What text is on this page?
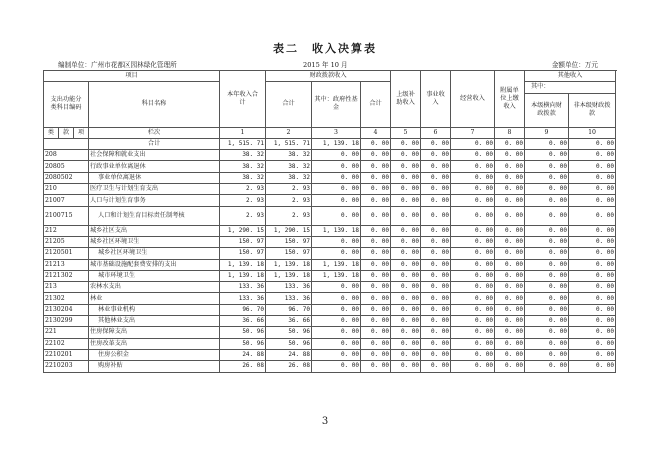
表二　收入决算表
编制单位：广州市花都区园林绿化管理所	2015 年 10 月	金额单位：万元
项目				本年收入合计	财政拨款收入			上级补助收入	事业收入	经营收入	附属单位上缴收入	其他收入	
支出功能分类科目编码			科目名称		合计	其中：政府性基金	合计					其中：	
												本级横向财政拨款	非本级财政拨款
类	款	项	栏次	1	2	3	4	5	6	7	8	9	10
			合计	1, 515. 71	1, 515. 71	1, 139. 18	0. 00	0. 00	0. 00	0. 00	0. 00	0. 00	0. 00
208			社会保障和就业支出	38. 32	38. 32	0. 00	0. 00	0. 00	0. 00	0. 00	0. 00	0. 00	0. 00
20805			行政事业单位离退休	38. 32	38. 32	0. 00	0. 00	0. 00	0. 00	0. 00	0. 00	0. 00	0. 00
2080502			事业单位离退休	38. 32	38. 32	0. 00	0. 00	0. 00	0. 00	0. 00	0. 00	0. 00	0. 00
210			医疗卫生与计划生育支出	2. 93	2. 93	0. 00	0. 00	0. 00	0. 00	0. 00	0. 00	0. 00	0. 00
21007			人口与计划生育事务	2. 93	2. 93	0. 00	0. 00	0. 00	0. 00	0. 00	0. 00	0. 00	0. 00
2100715			人口和计划生育目标责任制考核	2. 93	2. 93	0. 00	0. 00	0. 00	0. 00	0. 00	0. 00	0. 00	0. 00
212			城乡社区支出	1, 290. 15	1, 290. 15	1, 139. 18	0. 00	0. 00	0. 00	0. 00	0. 00	0. 00	0. 00
21205			城乡社区环境卫生	150. 97	150. 97	0. 00	0. 00	0. 00	0. 00	0. 00	0. 00	0. 00	0. 00
2120501			城乡社区环境卫生	150. 97	150. 97	0. 00	0. 00	0. 00	0. 00	0. 00	0. 00	0. 00	0. 00
21213			城市基础设施配套费安排的支出	1, 139. 18	1, 139. 18	1, 139. 18	0. 00	0. 00	0. 00	0. 00	0. 00	0. 00	0. 00
2121302			城市环境卫生	1, 139. 18	1, 139. 18	1, 139. 18	0. 00	0. 00	0. 00	0. 00	0. 00	0. 00	0. 00
213			农林水支出	133. 36	133. 36	0. 00	0. 00	0. 00	0. 00	0. 00	0. 00	0. 00	0. 00
21302			林业	133. 36	133. 36	0. 00	0. 00	0. 00	0. 00	0. 00	0. 00	0. 00	0. 00
2130204			林业事业机构	96. 70	96. 70	0. 00	0. 00	0. 00	0. 00	0. 00	0. 00	0. 00	0. 00
2130299			其他林业支出	36. 66	36. 66	0. 00	0. 00	0. 00	0. 00	0. 00	0. 00	0. 00	0. 00
221			住房保障支出	50. 96	50. 96	0. 00	0. 00	0. 00	0. 00	0. 00	0. 00	0. 00	0. 00
22102			住房改革支出	50. 96	50. 96	0. 00	0. 00	0. 00	0. 00	0. 00	0. 00	0. 00	0. 00
2210201			住房公积金	24. 88	24. 88	0. 00	0. 00	0. 00	0. 00	0. 00	0. 00	0. 00	0. 00
2210203			购房补贴	26. 08	26. 08	0. 00	0. 00	0. 00	0. 00	0. 00	0. 00	0. 00	0. 00
3
